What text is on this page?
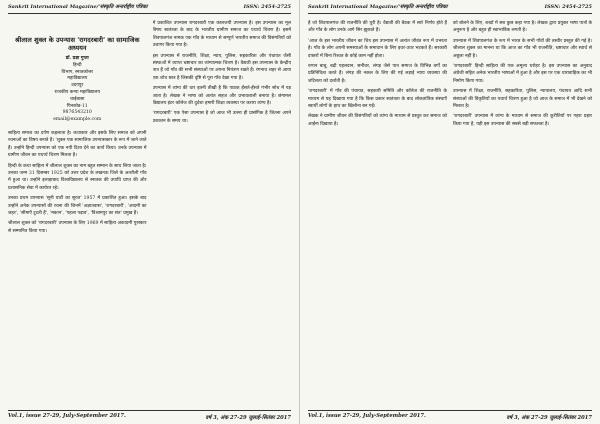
Sankrit International Magazine/'संस्कृति अन्तर्राष्ट्रीय पत्रिका	ISSN: 2454-2725
श्रीलाल शुक्ल के उपन्यास 'रागदरबारी' का सामाजिक अध्ययन
डॉ. प्रज्ञा गुप्ता
हिन्दी
विभाग, स्नातकोत्तर
महाविद्यालय
उदयपुर
राजकीय कन्या महाविद्यालय
चाईबासा
पिनकोड-11
9876543210
email@example.com

साहित्य समाज का दर्पण कहलाता है। कथाकार और इसके लिए समाज को अपनी रचनाओं का विषय बनाते हैं। 'शुक्ल एक सामाजिक उपन्यासकार के रूप में जाने जाते हैं। उन्होंने हिन्दी उपन्यास को एक नयी दिशा देने का कार्य किया। उनके उपन्यास में ग्रामीण जीवन का यथार्थ चित्रण मिलता है।

हिन्दी के कथा साहित्य में श्रीलाल शुक्ल का नाम बहुत सम्मान के साथ लिया जाता है। उनका जन्म 31 दिसम्बर 1925 को उत्तर प्रदेश के लखनऊ जिले के अतरौली गाँव में हुआ था। उन्होंने इलाहाबाद विश्वविद्यालय से स्नातक की उपाधि प्राप्त की और प्रशासनिक सेवा में कार्यरत रहे।

उनका प्रथम उपन्यास 'सूनी घाटी का सूरज' 1957 में प्रकाशित हुआ। इसके बाद उन्होंने अनेक उपन्यासों की रचना की जिनमें 'अज्ञातवास', 'रागदरबारी', 'आदमी का जहर', 'सीमाएँ टूटती हैं', 'मकान', 'पहला पड़ाव', 'विश्रामपुर का संत' प्रमुख हैं।

श्रीलाल शुक्ल को 'रागदरबारी' उपन्यास के लिए 1969 में साहित्य अकादमी पुरस्कार से सम्मानित किया गया।

में प्रकाशित उपन्यास रागदरबारी एक कालजयी उपन्यास है। इस उपन्यास का मूल विषय स्वतंत्रता के बाद के भारतीय ग्रामीण समाज का यथार्थ चित्रण है। इसमें शिवपालगंज नामक एक गाँव के माध्यम से सम्पूर्ण भारतीय समाज की विसंगतियों को उजागर किया गया है।

इस उपन्यास में राजनीति, शिक्षा, न्याय, पुलिस, सहकारिता और पंचायत जैसी संस्थाओं में व्याप्त भ्रष्टाचार का व्यंग्यात्मक चित्रण है। वैद्यजी इस उपन्यास के केन्द्रीय पात्र हैं जो गाँव की सभी संस्थाओं पर अपना नियंत्रण रखते हैं। रंगनाथ शहर से आया एक शोध छात्र है जिसकी दृष्टि से पूरा गाँव देखा गया है।

उपन्यास में व्यंग्य की धार इतनी तीखी है कि पाठक हँसते-हँसते गंभीर सोच में पड़ जाता है। लेखक ने भाषा को अत्यंत सहज और प्रभावशाली बनाया है। छंगामल विद्यालय इंटर कॉलेज की दुर्दशा हमारी शिक्षा व्यवस्था पर करारा व्यंग्य है।

'रागदरबारी' एक ऐसा उपन्यास है जो आज भी उतना ही प्रासंगिक है जितना अपने प्रकाशन के समय था।

Vol.1, issue 27-29, July-September 2017.	वर्ष 3, अंक 27-29 जुलाई-सितंबर 2017
Sankrit International Magazine/'संस्कृति अन्तर्राष्ट्रीय पत्रिका	ISSN: 2454-2725

है जो शिवपालगंज की राजनीति की धुरी है। वैद्यजी की बैठक में सारे निर्णय होते हैं और गाँव के लोग उनके आगे सिर झुकाते हैं।

'आज के इस भारतीय जीवन का चित्र इस उपन्यास में अत्यंत जीवंत रूप में उभरता है। गाँव के लोग अपनी समस्याओं के समाधान के लिए इधर-उधर भटकते हैं। सरकारी दफ्तरों में बिना रिश्वत के कोई काम नहीं होता।

रुप्पन बाबू, बद्री पहलवान, सनीचर, लंगड़ जैसे पात्र समाज के विभिन्न वर्गों का प्रतिनिधित्व करते हैं। लंगड़ की नकल के लिए की गई लड़ाई न्याय व्यवस्था की जटिलता को दर्शाती है।

'रागदरबारी' में गाँव की पंचायत, सहकारी समिति और कॉलेज की राजनीति के माध्यम से यह दिखाया गया है कि किस प्रकार स्वतंत्रता के बाद लोकतांत्रिक संस्थाएँ स्वार्थी लोगों के हाथ का खिलौना बन गईं।

लेखक ने ग्रामीण जीवन की विसंगतियों को व्यंग्य के माध्यम से प्रस्तुत कर समाज को आईना दिखाया है।

को बोलने के लिए, शब्दों में सब कुछ कहा गया है। लेखक द्वारा प्रयुक्त भाषा पात्रों के अनुरूप है और बहुत ही स्वाभाविक लगती है।

उपन्यास में शिवपालगंज के रूप में भारत के सभी गाँवों की तस्वीर प्रस्तुत की गई है। श्रीलाल शुक्ल का मानना था कि आज का गाँव भी राजनीति, भ्रष्टाचार और स्वार्थ से अछूता नहीं है।

'रागदरबारी' हिन्दी साहित्य की एक अमूल्य धरोहर है। इस उपन्यास का अनुवाद अंग्रेजी सहित अनेक भारतीय भाषाओं में हुआ है और इस पर एक धारावाहिक का भी निर्माण किया गया।

उपन्यास में शिक्षा, राजनीति, सहकारिता, पुलिस, न्यायालय, पंचायत आदि सभी संस्थाओं की विकृतियों का यथार्थ चित्रण हुआ है जो आज के समाज में भी देखने को मिलता है।

'रागदरबारी' उपन्यास में व्यंग्य के माध्यम से समाज की कुरीतियों पर गहरा प्रहार किया गया है, यही इस उपन्यास की सबसे बड़ी सफलता है।

Vol.1, issue 27-29, July-September 2017.	वर्ष 3, अंक 27-29 जुलाई-सितंबर 2017
